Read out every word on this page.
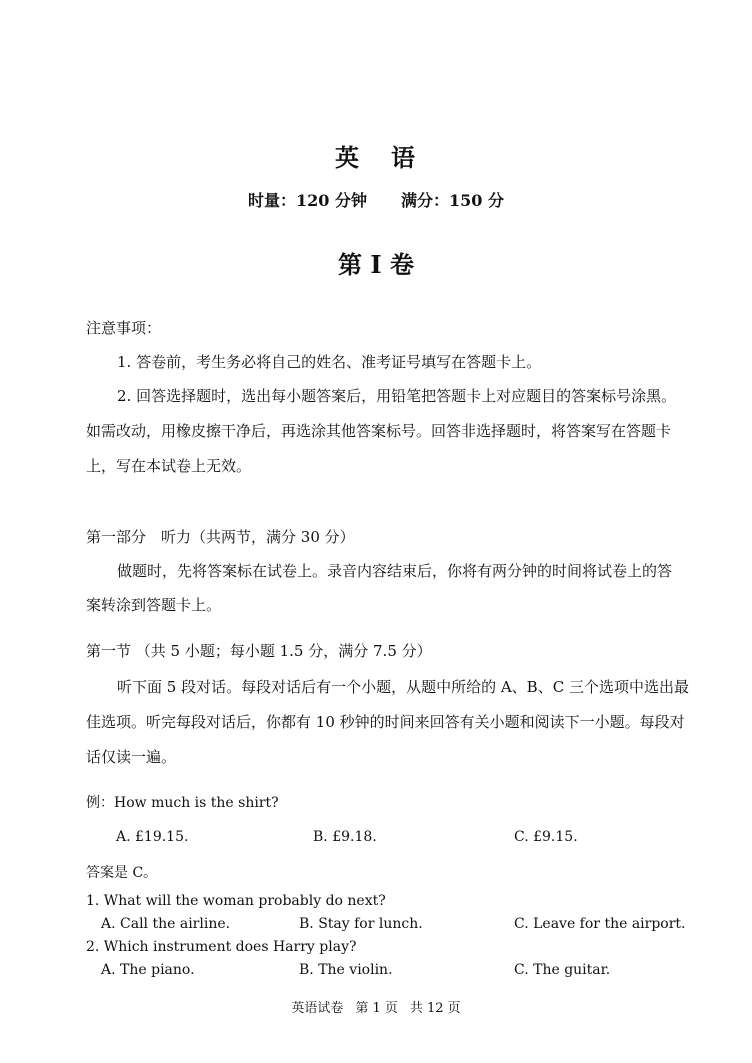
英 语
时量：120 分钟 满分：150 分
第 I 卷
注意事项：
1. 答卷前，考生务必将自己的姓名、准考证号填写在答题卡上。
2. 回答选择题时，选出每小题答案后，用铅笔把答题卡上对应题目的答案标号涂黑。
如需改动，用橡皮擦干净后，再选涂其他答案标号。回答非选择题时，将答案写在答题卡
上，写在本试卷上无效。
第一部分　听力（共两节，满分 30 分）
做题时，先将答案标在试卷上。录音内容结束后，你将有两分钟的时间将试卷上的答
案转涂到答题卡上。
第一节 （共 5 小题；每小题 1.5 分，满分 7.5 分）
听下面 5 段对话。每段对话后有一个小题，从题中所给的 A、B、C 三个选项中选出最
佳选项。听完每段对话后，你都有 10 秒钟的时间来回答有关小题和阅读下一小题。每段对
话仅读一遍。
例：How much is the shirt?
A. £19.15.	B. £9.18.	C. £9.15.
答案是 C。
1. What will the woman probably do next?
A. Call the airline.	B. Stay for lunch.	C. Leave for the airport.
2. Which instrument does Harry play?
A. The piano.	B. The violin.	C. The guitar.
英语试卷 第 1 页 共 12 页
